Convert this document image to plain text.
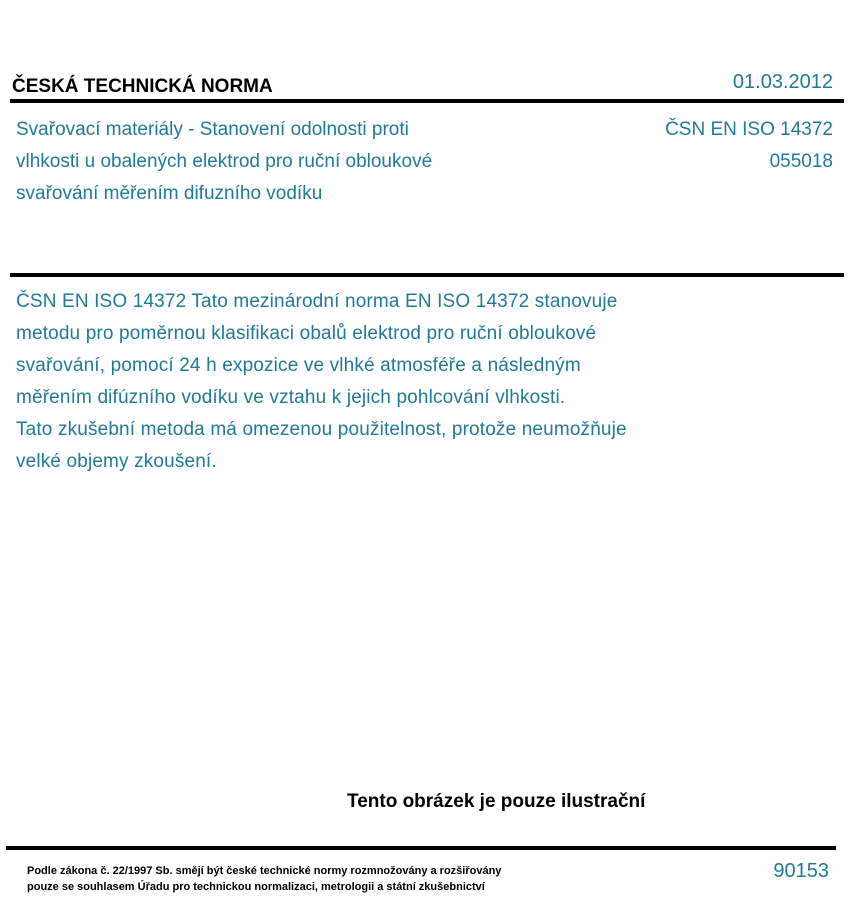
ČESKÁ TECHNICKÁ NORMA	01.03.2012
Svařovací materiály - Stanovení odolnosti proti
vlhkosti u obalených elektrod pro ruční obloukové
svařování měřením difuzního vodíku
ČSN EN ISO 14372
055018
ČSN EN ISO 14372 Tato mezinárodní norma EN ISO 14372 stanovuje
metodu pro poměrnou klasifikaci obalů elektrod pro ruční obloukové
svařování, pomocí 24 h expozice ve vlhké atmosféře a následným
měřením difúzního vodíku ve vztahu k jejich pohlcování vlhkosti.
Tato zkušební metoda má omezenou použitelnost, protože neumožňuje
velké objemy zkoušení.
Tento obrázek je pouze ilustrační
Podle zákona č. 22/1997 Sb. smějí být české technické normy rozmnožovány a rozšiřovány
pouze se souhlasem Úřadu pro technickou normalizaci, metrologii a státní zkušebnictví
90153
